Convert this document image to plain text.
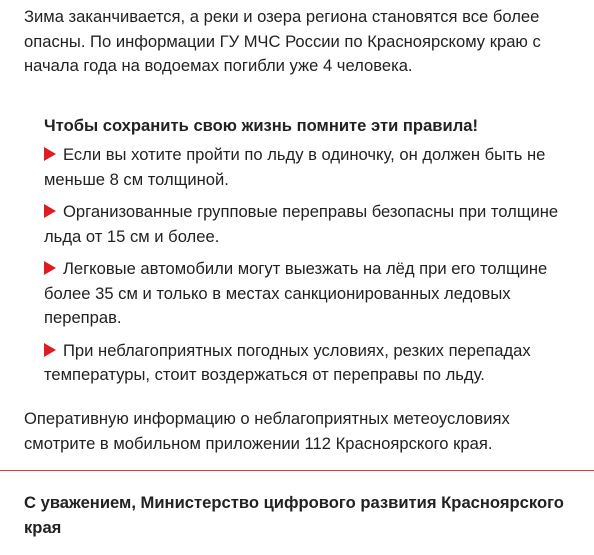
Зима заканчивается, а реки и озера региона становятся все более опасны. По информации ГУ МЧС России по Красноярскому краю с начала года на водоемах погибли уже 4 человека.

Чтобы сохранить свою жизнь помните эти правила!

Если вы хотите пройти по льду в одиночку, он должен быть не меньше 8 см толщиной.

Организованные групповые переправы безопасны при толщине льда от 15 см и более.

Легковые автомобили могут выезжать на лёд при его толщине более 35 см и только в местах санкционированных ледовых переправ.

При неблагоприятных погодных условиях, резких перепадах температуры, стоит воздержаться от переправы по льду.

Оперативную информацию о неблагоприятных метеоусловиях смотрите в мобильном приложении 112 Красноярского края.

С уважением, Министерство цифрового развития Красноярского края
